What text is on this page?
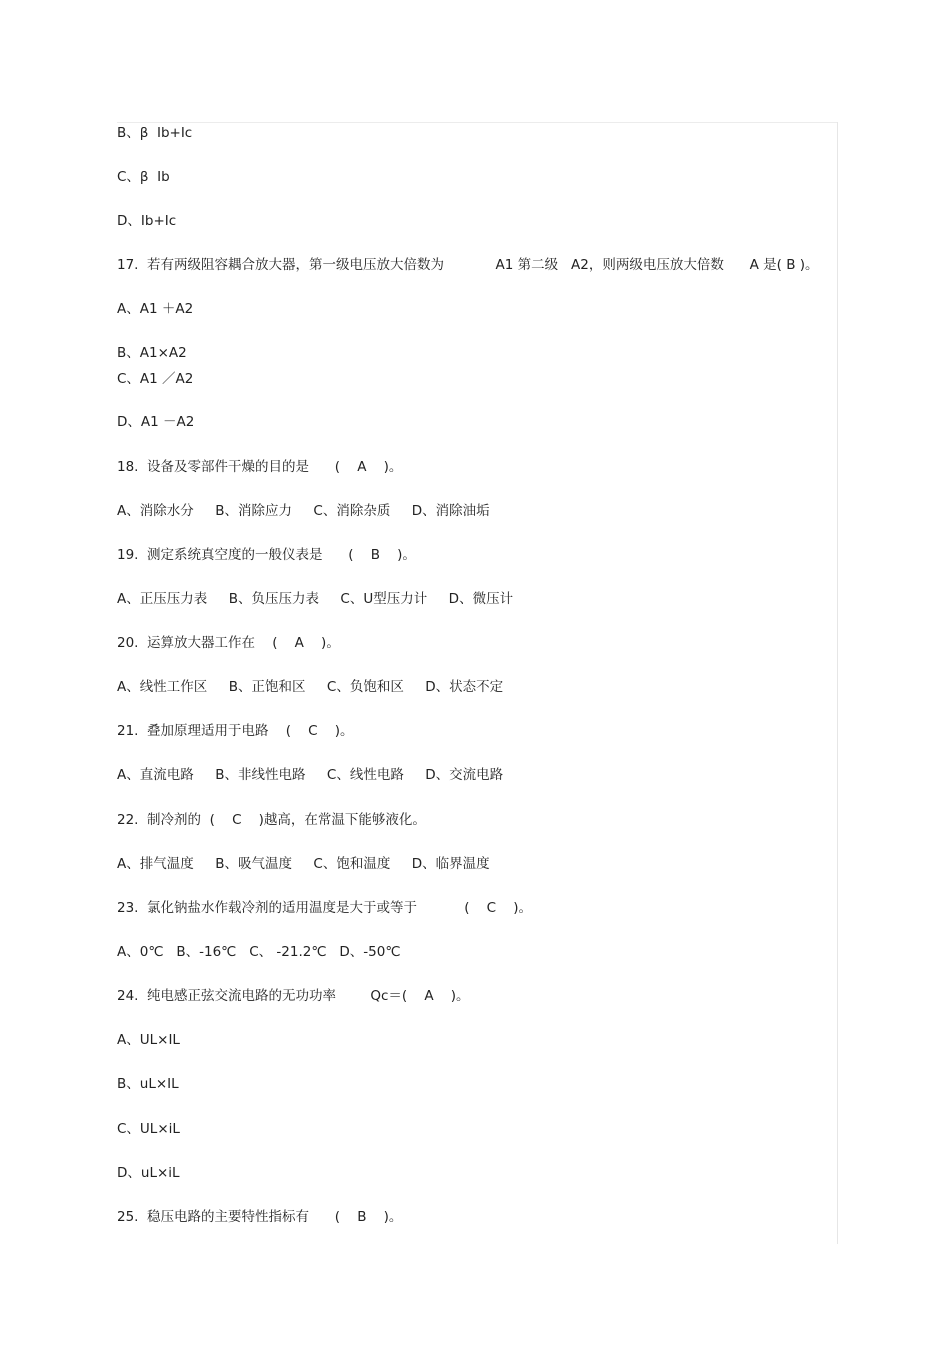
B、β  Ib+Ic
C、β  Ib
D、Ib+Ic
17.  若有两级阻容耦合放大器，第一级电压放大倍数为            A1 第二级   A2，则两级电压放大倍数      A 是( B )。
A、A1 ＋A2
B、A1×A2
C、A1 ／A2
D、A1 －A2
18.  设备及零部件干燥的目的是      (    A    )。
A、消除水分     B、消除应力     C、消除杂质     D、消除油垢
19.  测定系统真空度的一般仪表是      (    B    )。
A、正压压力表     B、负压压力表     C、U型压力计     D、微压计
20.  运算放大器工作在    (    A    )。
A、线性工作区     B、正饱和区     C、负饱和区     D、状态不定
21.  叠加原理适用于电路    (    C    )。
A、直流电路     B、非线性电路     C、线性电路     D、交流电路
22.  制冷剂的  (    C    )越高，在常温下能够液化。
A、排气温度     B、吸气温度     C、饱和温度     D、临界温度
23.  氯化钠盐水作载冷剂的适用温度是大于或等于           (    C    )。
A、0℃   B、-16℃   C、 -21.2℃   D、-50℃
24.  纯电感正弦交流电路的无功功率        Qc＝(    A    )。
A、UL×IL
B、uL×IL
C、UL×iL
D、uL×iL
25.  稳压电路的主要特性指标有      (    B    )。
